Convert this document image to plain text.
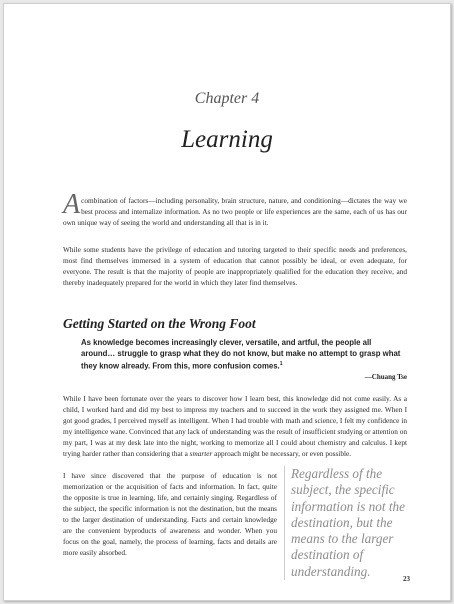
Chapter 4
Learning
Acombination of factors—including personality, brain structure, nature, and conditioning—dictates the way we best process and internalize information. As no two people or life experiences are the same, each of us has our own unique way of seeing the world and understanding all that is in it.
While some students have the privilege of education and tutoring targeted to their specific needs and preferences, most find themselves immersed in a system of education that cannot possibly be ideal, or even adequate, for everyone. The result is that the majority of people are inappropriately qualified for the education they receive, and thereby inadequately prepared for the world in which they later find themselves.
Getting Started on the Wrong Foot
As knowledge becomes increasingly clever, versatile, and artful, the people all around… struggle to grasp what they do not know, but make no attempt to grasp what they know already. From this, more confusion comes.$^1$
—Chuang Tse
While I have been fortunate over the years to discover how I learn best, this knowledge did not come easily. As a child, I worked hard and did my best to impress my teachers and to succeed in the work they assigned me. When I got good grades, I perceived myself as intelligent. When I had trouble with math and science, I felt my confidence in my intelligence wane. Convinced that any lack of understanding was the result of insufficient studying or attention on my part, I was at my desk late into the night, working to memorize all I could about chemistry and calculus. I kept trying harder rather than considering that a smarter approach might be necessary, or even possible.
I have since discovered that the purpose of education is not memorization or the acquisition of facts and information. In fact, quite the opposite is true in learning, life, and certainly singing. Regardless of the subject, the specific information is not the destination, but the means to the larger destination of understanding. Facts and certain knowledge are the convenient byproducts of awareness and wonder. When you focus on the goal, namely, the process of learning, facts and details are more easily absorbed.
Regardless of the subject, the specific information is not the destination, but the means to the larger destination of understanding.
23
